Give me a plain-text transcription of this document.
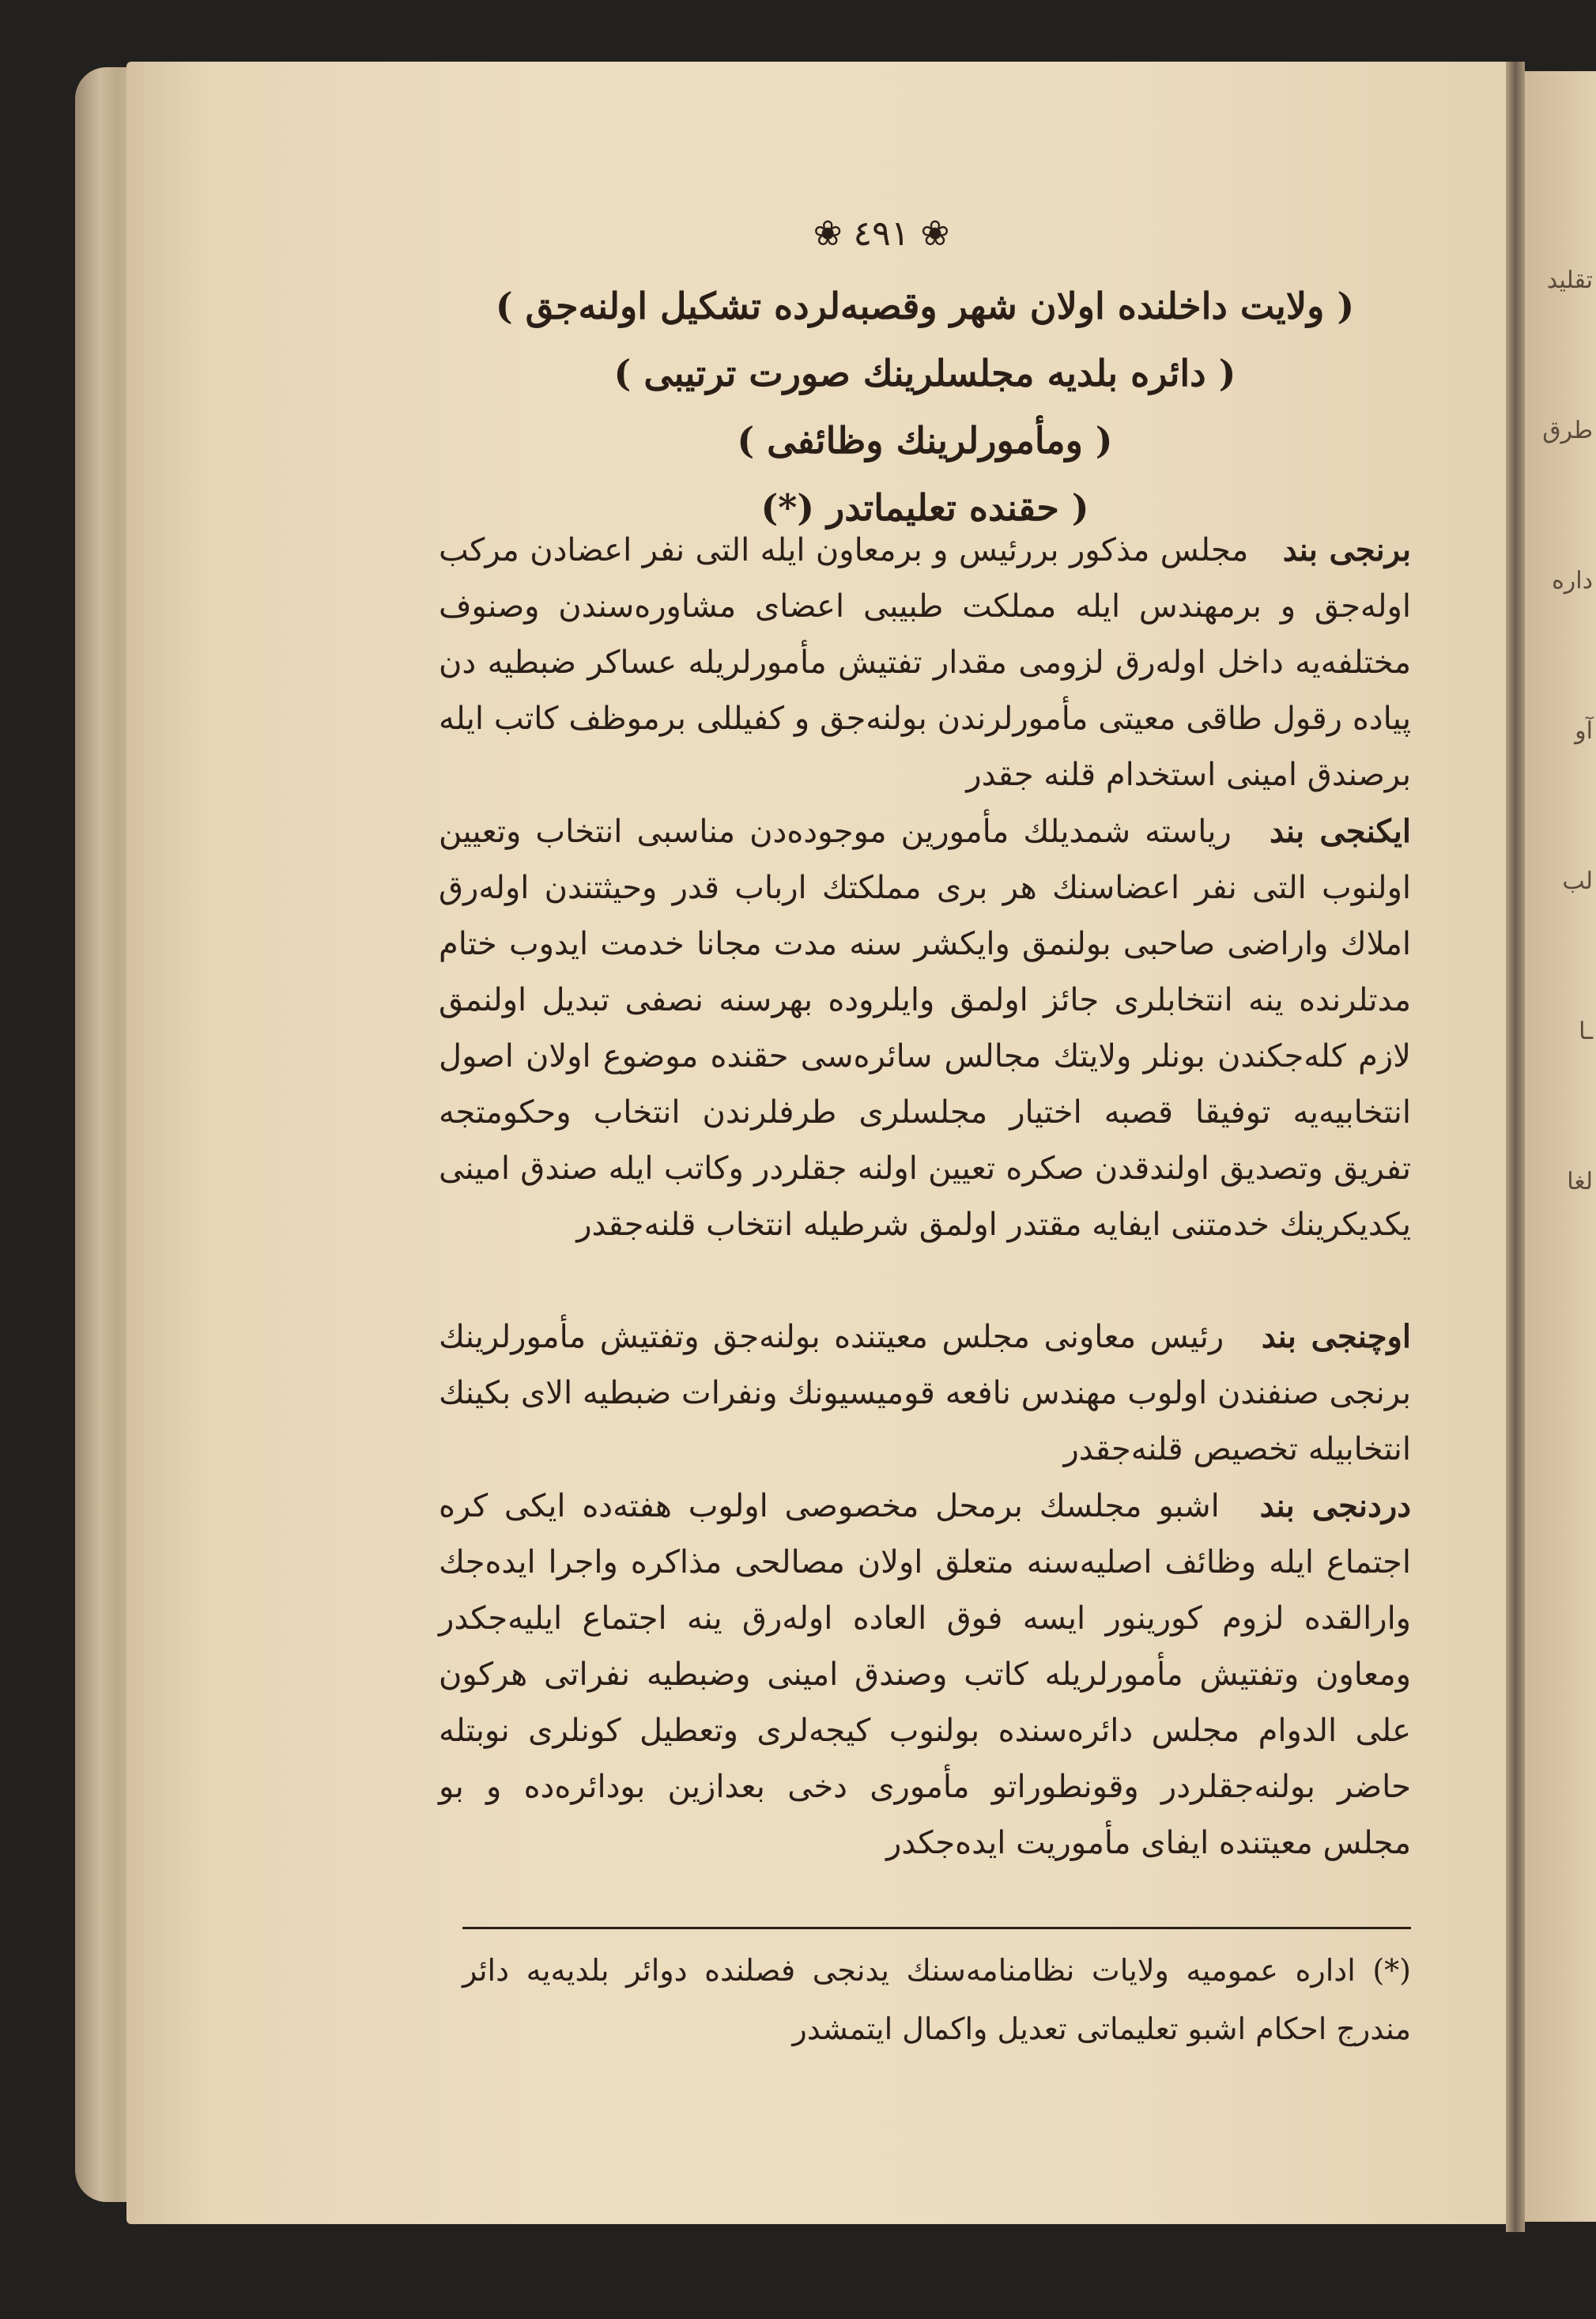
تقليد
طرق
داره
آو
لب
ـا
لغا
❀ ٤٩١ ❀
( ولايت داخلنده اولان شهر وقصبه‌لرده تشكيل اولنه‌جق )
( دائره بلديه مجلسلرينك صورت ترتيبى )
( ومأمورلرينك وظائفى )
( حقنده تعليماتدر (*)
برنجى بند مجلس مذكور بررئيس و برمعاون ايله التى نفر اعضادن مركب اوله‌جق و برمهندس ايله مملكت طبيبى اعضاى مشاوره‌سندن وصنوف مختلفه‌يه داخل اوله‌رق لزومى مقدار تفتيش مأمورلريله عساكر ضبطيه دن پياده رقول طاقى معيتى مأمورلرندن بولنه‌جق و كفيللى برموظف كاتب ايله برصندق امينى استخدام قلنه جقدر
ايكنجى بند رياسته شمديلك مأمورين موجوده‌دن مناسبى انتخاب وتعيين اولنوب التى نفر اعضاسنك هر برى مملكتك ارباب قدر وحيثتندن اوله‌رق املاك واراضى صاحبى بولنمق وايكشر سنه مدت مجانا خدمت ايدوب ختام مدتلرنده ينه انتخابلرى جائز اولمق وايلروده بهرسنه نصفى تبديل اولنمق لازم كله‌جكندن بونلر ولايتك مجالس سائره‌سى حقنده موضوع اولان اصول انتخابيه‌يه توفيقا قصبه اختيار مجلسلرى طرفلرندن انتخاب وحكومتجه تفريق وتصديق اولندقدن صكره تعيين اولنه جقلردر وكاتب ايله صندق امينى يكديكرينك خدمتنى ايفايه مقتدر اولمق شرطيله انتخاب قلنه‌جقدر
اوچنجى بند رئيس معاونى مجلس معيتنده بولنه‌جق وتفتيش مأمورلرينك برنجى صنفندن اولوب مهندس نافعه قوميسيونك ونفرات ضبطيه الاى بكينك انتخابيله تخصيص قلنه‌جقدر
دردنجى بند اشبو مجلسك برمحل مخصوصى اولوب هفته‌ده ايكى كره اجتماع ايله وظائف اصليه‌سنه متعلق اولان مصالحى مذاكره واجرا ايده‌جك وارالقده لزوم كورينور ايسه فوق العاده اوله‌رق ينه اجتماع ايليه‌جكدر ومعاون وتفتيش مأمورلريله كاتب وصندق امينى وضبطيه نفراتى هركون على الدوام مجلس دائره‌سنده بولنوب كيجه‌لرى وتعطيل كونلرى نوبتله حاضر بولنه‌جقلردر وقونطوراتو مأمورى دخى بعدازين بودائره‌ده و بو مجلس معيتنده ايفاى مأموريت ايده‌جكدر
(*) اداره عموميه ولايات نظامنامه‌سنك يدنجى فصلنده دوائر بلديه‌يه دائر مندرج احكام اشبو تعليماتى تعديل واكمال ايتمشدر
